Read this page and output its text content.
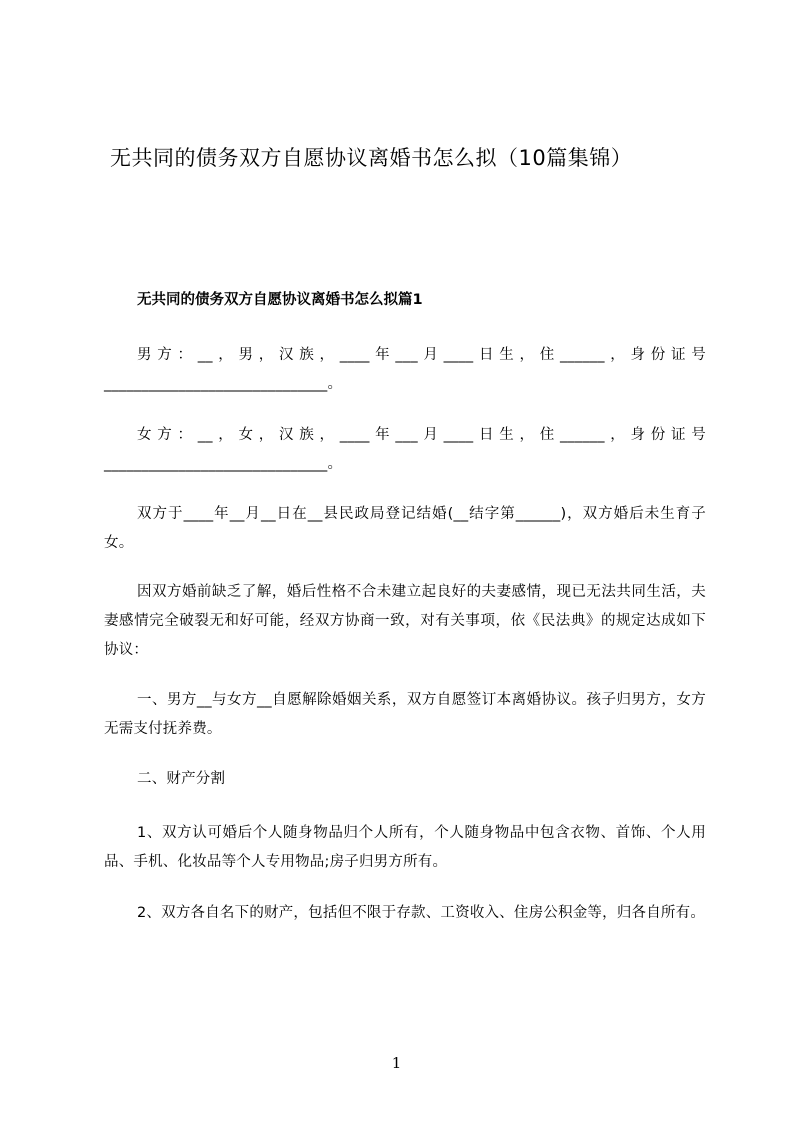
无共同的债务双方自愿协议离婚书怎么拟（10篇集锦）
无共同的债务双方自愿协议离婚书怎么拟篇1
男方：__，男，汉族，____年___月____日生，住______，身份证号______________________________。
女方：__，女，汉族，____年___月____日生，住______，身份证号______________________________。
双方于____年__月__日在__县民政局登记结婚(__结字第______)，双方婚后未生育子女。
因双方婚前缺乏了解，婚后性格不合未建立起良好的夫妻感情，现已无法共同生活，夫妻感情完全破裂无和好可能，经双方协商一致，对有关事项，依《民法典》的规定达成如下协议：
一、男方__与女方__自愿解除婚姻关系，双方自愿签订本离婚协议。孩子归男方，女方无需支付抚养费。
二、财产分割
1、双方认可婚后个人随身物品归个人所有，个人随身物品中包含衣物、首饰、个人用品、手机、化妆品等个人专用物品;房子归男方所有。
2、双方各自名下的财产，包括但不限于存款、工资收入、住房公积金等，归各自所有。
1
